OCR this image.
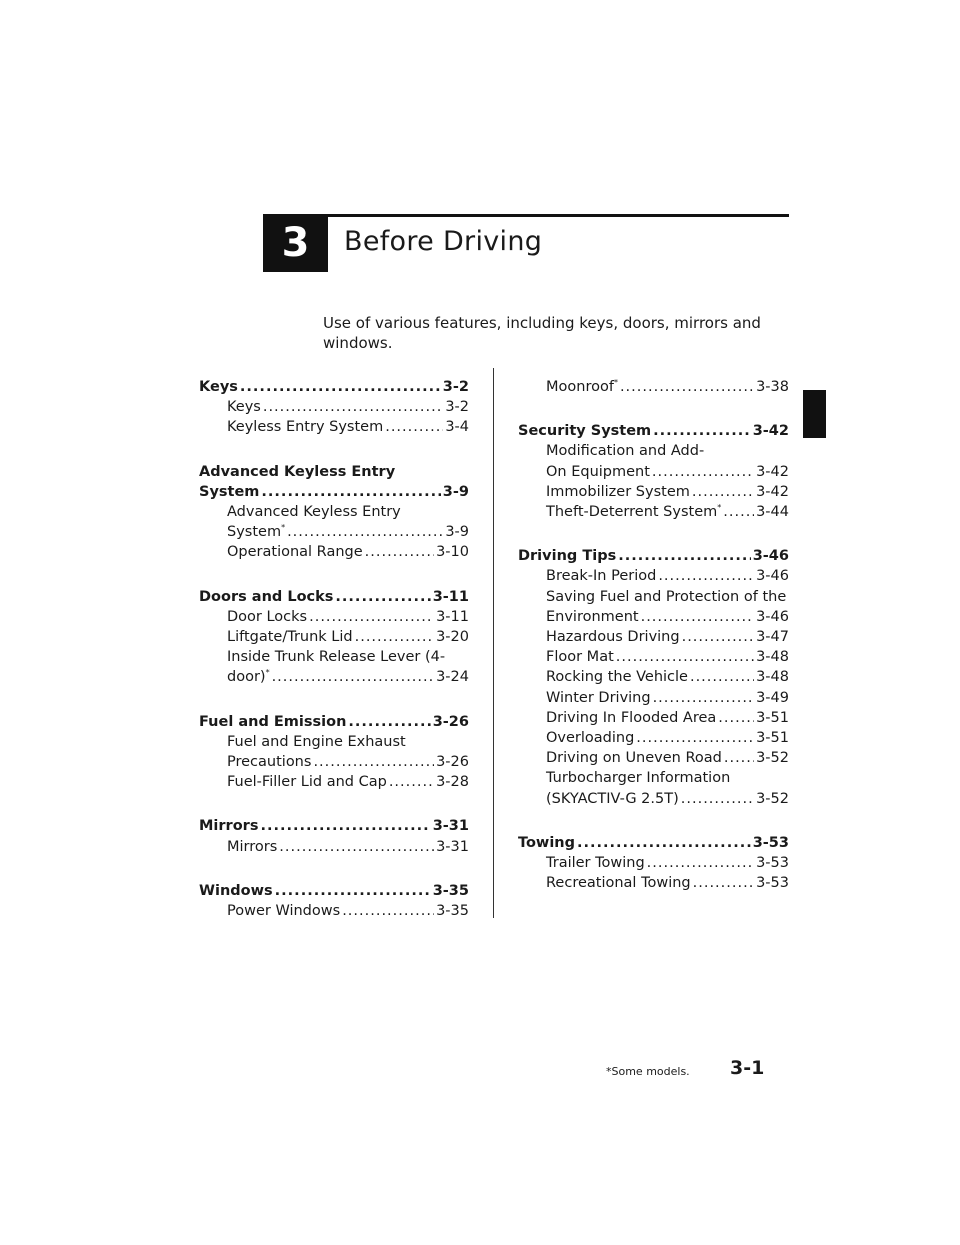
3 Before Driving
Use of various features, including keys, doors, mirrors and windows.
Keys .....	3-2
Keys .....	3-2
Keyless Entry System .....	3-4
Advanced Keyless Entry
System .....	3-9
Advanced Keyless Entry
System* .....	3-9
Operational Range .....	3-10
Doors and Locks .....	3-11
Door Locks .....	3-11
Liftgate/Trunk Lid .....	3-20
Inside Trunk Release Lever (4-
door)* .....	3-24
Fuel and Emission .....	3-26
Fuel and Engine Exhaust
Precautions .....	3-26
Fuel-Filler Lid and Cap .....	3-28
Mirrors .....	3-31
Mirrors .....	3-31
Windows .....	3-35
Power Windows .....	3-35
Moonroof* .....	3-38
Security System .....	3-42
Modification and Add-
On Equipment .....	3-42
Immobilizer System .....	3-42
Theft-Deterrent System* ..... 3-44
Driving Tips .....	3-46
Break-In Period .....	3-46
Saving Fuel and Protection of the
Environment .....	3-46
Hazardous Driving .....	3-47
Floor Mat .....	3-48
Rocking the Vehicle .....	3-48
Winter Driving .....	3-49
Driving In Flooded Area .....	3-51
Overloading .....	3-51
Driving on Uneven Road ..... 3-52
Turbocharger Information
(SKYACTIV-G 2.5T) .....	3-52
Towing .....	3-53
Trailer Towing .....	3-53
Recreational Towing .....	3-53
*Some models. 3-1
